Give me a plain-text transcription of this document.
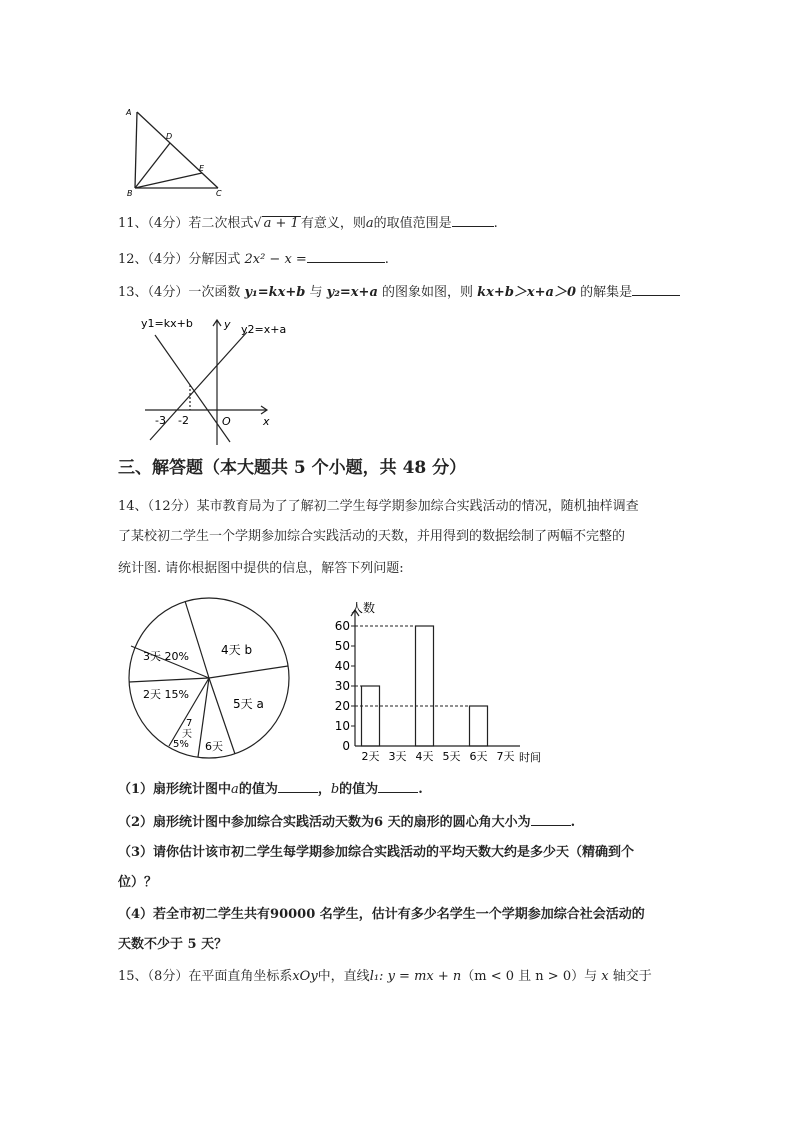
A
D
E
B	C
11、（4分）若二次根式√ a + 1 有意义，则a的取值范围是	.
12、（4分）分解因式 2x² − x =	.
13、（4分）一次函数 y₁=kx+b 与 y₂=x+a 的图象如图，则 kx+b＞x+a＞0 的解集是
y1=kx+b	y2=x+a
y
x
O
-3 -2
三、解答题（本大题共 5 个小题，共 48 分）
14、（12分）某市教育局为了了解初二学生每学期参加综合实践活动的情况，随机抽样调查
了某校初二学生一个学期参加综合实践活动的天数，并用得到的数据绘制了两幅不完整的
统计图. 请你根据图中提供的信息，解答下列问题:
4天 b
3天 20%
2天 15%
5天 a
7
天
5% 6天
人数
0
10
20
30
40
50
60
2天 3天 4天 5天 6天 7天 时间
（1）扇形统计图中a的值为	，b的值为	.
（2）扇形统计图中参加综合实践活动天数为6 天的扇形的圆心角大小为	.
（3）请你估计该市初二学生每学期参加综合实践活动的平均天数大约是多少天（精确到个
位）？
（4）若全市初二学生共有90000 名学生，估计有多少名学生一个学期参加综合社会活动的
天数不少于 5 天？
15、（8分）在平面直角坐标系xOy中，直线l₁: y = mx + n（m < 0 且 n > 0）与 x 轴交于
